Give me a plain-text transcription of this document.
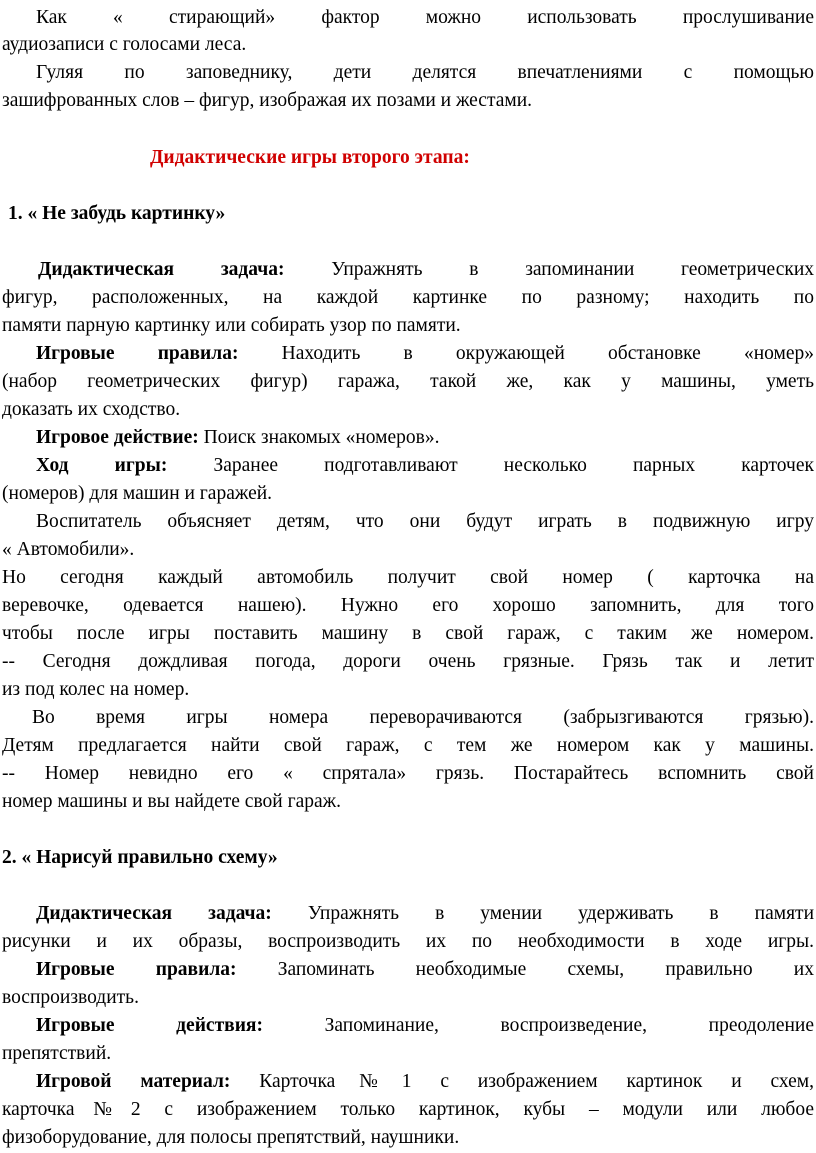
Как « стирающий» фактор можно использовать прослушивание
аудиозаписи с голосами леса.
Гуляя по заповеднику, дети делятся впечатлениями с помощью
зашифрованных слов – фигур, изображая их позами и жестами.
Дидактические игры второго этапа:
1. « Не забудь картинку»
Дидактическая задача: Упражнять в запоминании геометрических
фигур, расположенных, на каждой картинке по разному; находить по
памяти парную картинку или собирать узор по памяти.
Игровые правила: Находить в окружающей обстановке «номер»
(набор геометрических фигур) гаража, такой же, как у машины, уметь
доказать их сходство.
Игровое действие: Поиск знакомых «номеров».
Ход игры: Заранее подготавливают несколько парных карточек
(номеров) для машин и гаражей.
Воспитатель объясняет детям, что они будут играть в подвижную игру
« Автомобили».
Но сегодня каждый автомобиль получит свой номер ( карточка на
веревочке, одевается нашею). Нужно его хорошо запомнить, для того
чтобы после игры поставить машину в свой гараж, с таким же номером.
-- Сегодня дождливая погода, дороги очень грязные. Грязь так и летит
из под колес на номер.
Во время игры номера переворачиваются (забрызгиваются грязью).
Детям предлагается найти свой гараж, с тем же номером как у машины.
-- Номер невидно его « спрятала» грязь. Постарайтесь вспомнить свой
номер машины и вы найдете свой гараж.
2. « Нарисуй правильно схему»
Дидактическая задача: Упражнять в умении удерживать в памяти
рисунки и их образы, воспроизводить их по необходимости в ходе игры.
Игровые правила: Запоминать необходимые схемы, правильно их
воспроизводить.
Игровые действия:	Запоминание, воспроизведение, преодоление
препятствий.
Игровой материал: Карточка№1 с изображением картинок и схем,
карточка№2 с изображением только картинок, кубы – модули или любое
физоборудование, для полосы препятствий, наушники.
